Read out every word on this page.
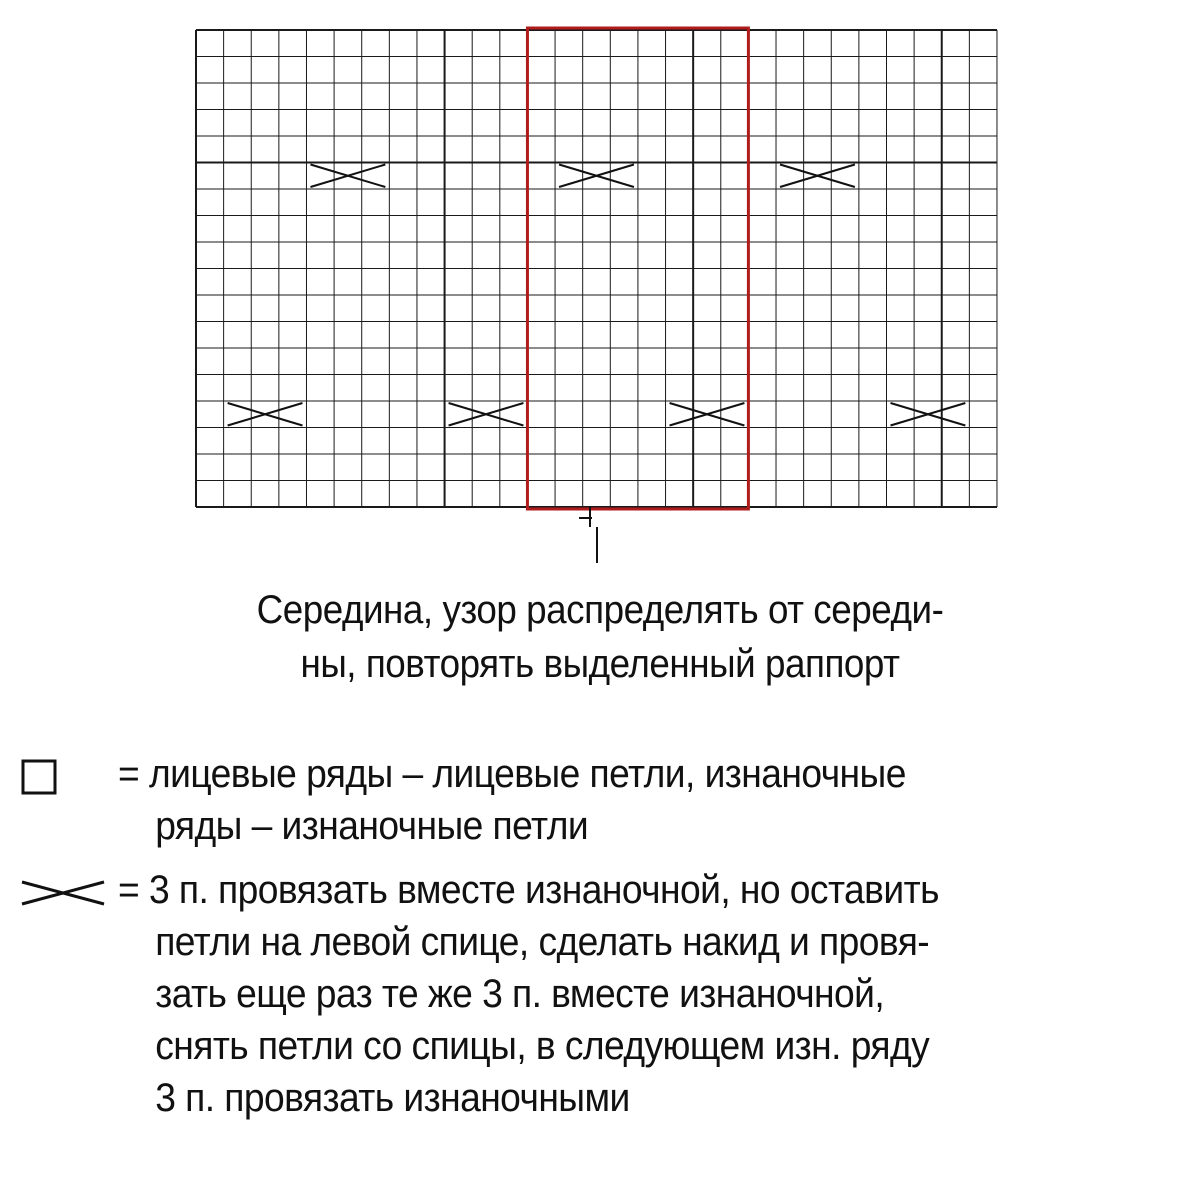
Середина, узор распределять от середи-
ны, повторять выделенный раппорт
= лицевые ряды – лицевые петли, изнаночные
ряды – изнаночные петли
= 3 п. провязать вместе изнаночной, но оставить
петли на левой спице, сделать накид и провя-
зать еще раз те же 3 п. вместе изнаночной,
снять петли со спицы, в следующем изн. ряду
3 п. провязать изнаночными
